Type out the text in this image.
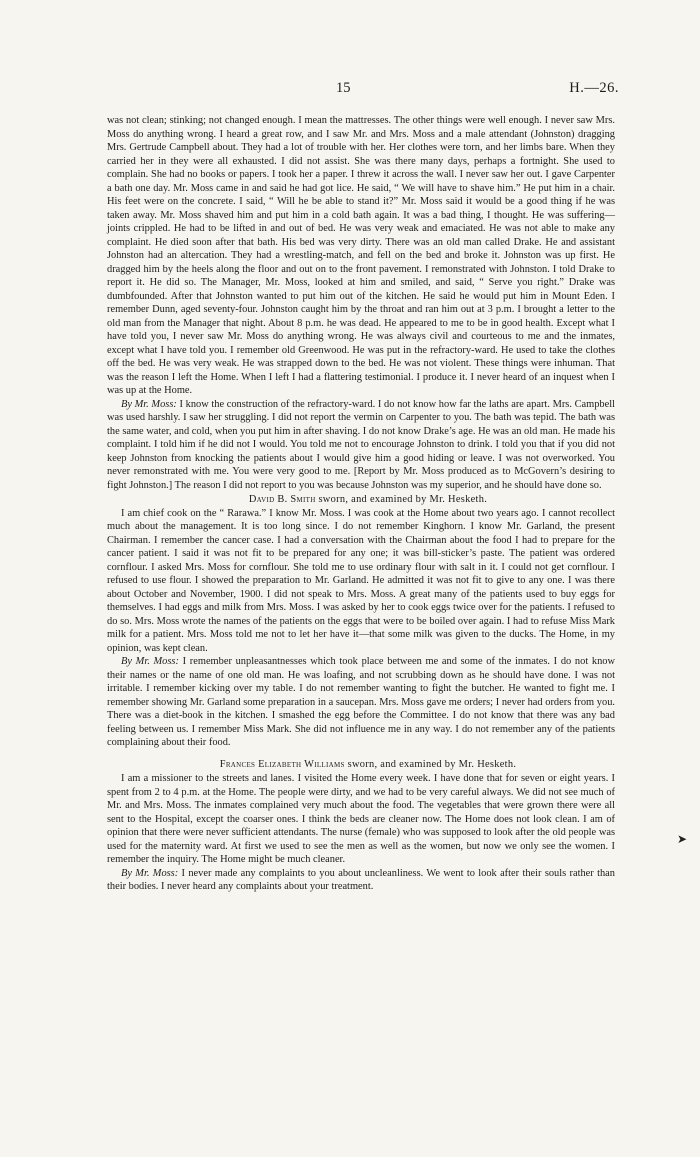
15	H.—26.

was not clean; stinking; not changed enough. I mean the mattresses. The other things were well enough. I never saw Mrs. Moss do anything wrong. I heard a great row, and I saw Mr. and Mrs. Moss and a male attendant (Johnston) dragging Mrs. Gertrude Campbell about. They had a lot of trouble with her. Her clothes were torn, and her limbs bare. When they carried her in they were all exhausted. I did not assist. She was there many days, perhaps a fortnight. She used to complain. She had no books or papers. I took her a paper. I threw it across the wall. I never saw her out. I gave Carpenter a bath one day. Mr. Moss came in and said he had got lice. He said, “ We will have to shave him.” He put him in a chair. His feet were on the concrete. I said, “ Will he be able to stand it?” Mr. Moss said it would be a good thing if he was taken away. Mr. Moss shaved him and put him in a cold bath again. It was a bad thing, I thought. He was suffering—joints crippled. He had to be lifted in and out of bed. He was very weak and emaciated. He was not able to make any complaint. He died soon after that bath. His bed was very dirty. There was an old man called Drake. He and assistant Johnston had an altercation. They had a wrestling-match, and fell on the bed and broke it. Johnston was up first. He dragged him by the heels along the floor and out on to the front pavement. I remonstrated with Johnston. I told Drake to report it. He did so. The Manager, Mr. Moss, looked at him and smiled, and said, “ Serve you right.” Drake was dumbfounded. After that Johnston wanted to put him out of the kitchen. He said he would put him in Mount Eden. I remember Dunn, aged seventy-four. Johnston caught him by the throat and ran him out at 3 p.m. I brought a letter to the old man from the Manager that night. About 8 p.m. he was dead. He appeared to me to be in good health. Except what I have told you, I never saw Mr. Moss do anything wrong. He was always civil and courteous to me and the inmates, except what I have told you. I remember old Greenwood. He was put in the refractory-ward. He used to take the clothes off the bed. He was very weak. He was strapped down to the bed. He was not violent. These things were inhuman. That was the reason I left the Home. When I left I had a flattering testimonial. I produce it. I never heard of an inquest when I was up at the Home.

By Mr. Moss: I know the construction of the refractory-ward. I do not know how far the laths are apart. Mrs. Campbell was used harshly. I saw her struggling. I did not report the vermin on Carpenter to you. The bath was tepid. The bath was the same water, and cold, when you put him in after shaving. I do not know Drake’s age. He was an old man. He made his complaint. I told him if he did not I would. You told me not to encourage Johnston to drink. I told you that if you did not keep Johnston from knocking the patients about I would give him a good hiding or leave. I was not overworked. You never remonstrated with me. You were very good to me. [Report by Mr. Moss produced as to McGovern’s desiring to fight Johnston.] The reason I did not report to you was because Johnston was my superior, and he should have done so.

David B. Smith sworn, and examined by Mr. Hesketh.

I am chief cook on the “ Rarawa.” I know Mr. Moss. I was cook at the Home about two years ago. I cannot recollect much about the management. It is too long since. I do not remember Kinghorn. I know Mr. Garland, the present Chairman. I remember the cancer case. I had a conversation with the Chairman about the food I had to prepare for the cancer patient. I said it was not fit to be prepared for any one; it was bill-sticker’s paste. The patient was ordered cornflour. I asked Mrs. Moss for cornflour. She told me to use ordinary flour with salt in it. I could not get cornflour. I refused to use flour. I showed the preparation to Mr. Garland. He admitted it was not fit to give to any one. I was there about October and November, 1900. I did not speak to Mrs. Moss. A great many of the patients used to buy eggs for themselves. I had eggs and milk from Mrs. Moss. I was asked by her to cook eggs twice over for the patients. I refused to do so. Mrs. Moss wrote the names of the patients on the eggs that were to be boiled over again. I had to refuse Miss Mark milk for a patient. Mrs. Moss told me not to let her have it—that some milk was given to the ducks. The Home, in my opinion, was kept clean.

By Mr. Moss: I remember unpleasantnesses which took place between me and some of the inmates. I do not know their names or the name of one old man. He was loafing, and not scrubbing down as he should have done. I was not irritable. I remember kicking over my table. I do not remember wanting to fight the butcher. He wanted to fight me. I remember showing Mr. Garland some preparation in a saucepan. Mrs. Moss gave me orders; I never had orders from you. There was a diet-book in the kitchen. I smashed the egg before the Committee. I do not know that there was any bad feeling between us. I remember Miss Mark. She did not influence me in any way. I do not remember any of the patients complaining about their food.

Frances Elizabeth Williams sworn, and examined by Mr. Hesketh.

I am a missioner to the streets and lanes. I visited the Home every week. I have done that for seven or eight years. I spent from 2 to 4 p.m. at the Home. The people were dirty, and we had to be very careful always. We did not see much of Mr. and Mrs. Moss. The inmates complained very much about the food. The vegetables that were grown there were all sent to the Hospital, except the coarser ones. I think the beds are cleaner now. The Home does not look clean. I am of opinion that there were never sufficient attendants. The nurse (female) who was supposed to look after the old people was used for the maternity ward. At first we used to see the men as well as the women, but now we only see the women. I remember the inquiry. The Home might be much cleaner.

By Mr. Moss: I never made any complaints to you about uncleanliness. We went to look after their souls rather than their bodies. I never heard any complaints about your treatment.

➤
